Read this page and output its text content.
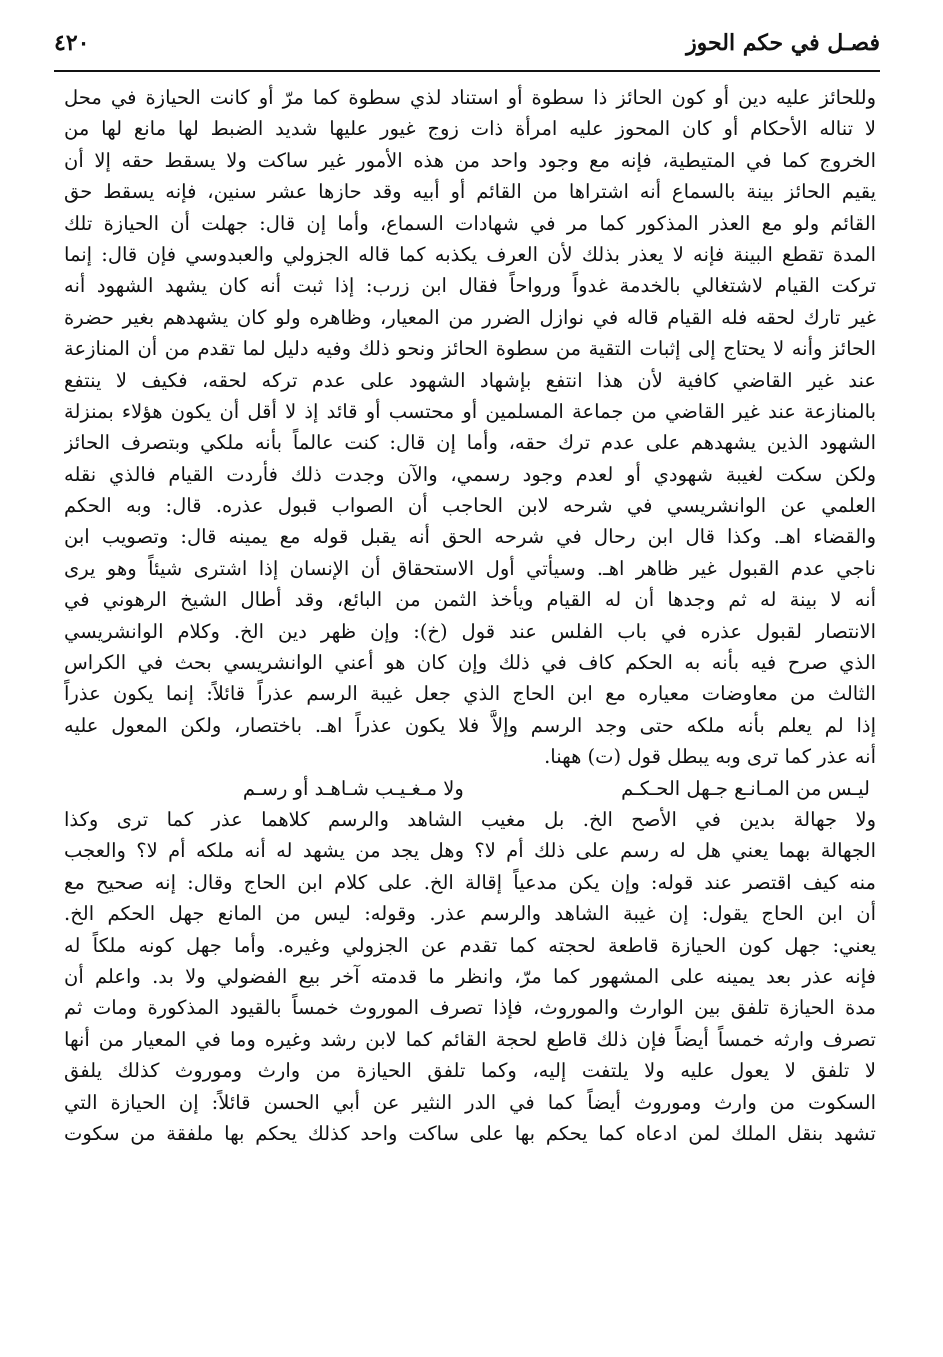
فصـل في حكم الحوز
٤٢٠
وللحائز عليه دين أو كون الحائز ذا سطوة أو استناد لذي سطوة كما مرّ أو كانت الحيازة في محل
لا تناله الأحكام أو كان المحوز عليه امرأة ذات زوج غيور عليها شديد الضبط لها مانع لها من
الخروج كما في المتيطية، فإنه مع وجود واحد من هذه الأمور غير ساكت ولا يسقط حقه إلا أن
يقيم الحائز بينة بالسماع أنه اشتراها من القائم أو أبيه وقد حازها عشر سنين، فإنه يسقط حق
القائم ولو مع العذر المذكور كما مر في شهادات السماع، وأما إن قال: جهلت أن الحيازة تلك
المدة تقطع البينة فإنه لا يعذر بذلك لأن العرف يكذبه كما قاله الجزولي والعبدوسي فإن قال: إنما
تركت القيام لاشتغالي بالخدمة غدواً ورواحاً فقال ابن زرب: إذا ثبت أنه كان يشهد الشهود أنه
غير تارك لحقه فله القيام قاله في نوازل الضرر من المعيار، وظاهره ولو كان يشهدهم بغير حضرة
الحائز وأنه لا يحتاج إلى إثبات التقية من سطوة الحائز ونحو ذلك وفيه دليل لما تقدم من أن المنازعة
عند غير القاضي كافية لأن هذا انتفع بإشهاد الشهود على عدم تركه لحقه، فكيف لا ينتفع
بالمنازعة عند غير القاضي من جماعة المسلمين أو محتسب أو قائد إذ لا أقل أن يكون هؤلاء بمنزلة
الشهود الذين يشهدهم على عدم ترك حقه، وأما إن قال: كنت عالماً بأنه ملكي وبتصرف الحائز
ولكن سكت لغيبة شهودي أو لعدم وجود رسمي، والآن وجدت ذلك فأردت القيام فالذي نقله
العلمي عن الوانشريسي في شرحه لابن الحاجب أن الصواب قبول عذره. قال: وبه الحكم
والقضاء اهـ. وكذا قال ابن رحال في شرحه الحق أنه يقبل قوله مع يمينه قال: وتصويب ابن
ناجي عدم القبول غير ظاهر اهـ. وسيأتي أول الاستحقاق أن الإنسان إذا اشترى شيئاً وهو يرى
أنه لا بينة له ثم وجدها أن له القيام ويأخذ الثمن من البائع، وقد أطال الشيخ الرهوني في
الانتصار لقبول عذره في باب الفلس عند قول (خ): وإن ظهر دين الخ. وكلام الوانشريسي
الذي صرح فيه بأنه به الحكم كاف في ذلك وإن كان هو أعني الوانشريسي بحث في الكراس
الثالث من معاوضات معياره مع ابن الحاج الذي جعل غيبة الرسم عذراً قائلاً: إنما يكون عذراً
إذا لم يعلم بأنه ملكه حتى وجد الرسم وإلاَّ فلا يكون عذراً اهـ. باختصار، ولكن المعول عليه
أنه عذر كما ترى وبه يبطل قول (ت) ههنا.
ليـس من المـانـع جـهل الحـكـم ولا مـغـيـب شـاهـد أو رسـم
ولا جهالة بدين في الأصح الخ. بل مغيب الشاهد والرسم كلاهما عذر كما ترى وكذا
الجهالة بهما يعني هل له رسم على ذلك أم لا؟ وهل يجد من يشهد له أنه ملكه أم لا؟ والعجب
منه كيف اقتصر عند قوله: وإن يكن مدعياً إقالة الخ. على كلام ابن الحاج وقال: إنه صحيح مع
أن ابن الحاج يقول: إن غيبة الشاهد والرسم عذر. وقوله: ليس من المانع جهل الحكم الخ.
يعني: جهل كون الحيازة قاطعة لحجته كما تقدم عن الجزولي وغيره. وأما جهل كونه ملكاً له
فإنه عذر بعد يمينه على المشهور كما مرّ، وانظر ما قدمته آخر بيع الفضولي ولا بد. واعلم أن
مدة الحيازة تلفق بين الوارث والموروث، فإذا تصرف الموروث خمساً بالقيود المذكورة ومات ثم
تصرف وارثه خمساً أيضاً فإن ذلك قاطع لحجة القائم كما لابن رشد وغيره وما في المعيار من أنها
لا تلفق لا يعول عليه ولا يلتفت إليه، وكما تلفق الحيازة من وارث وموروث كذلك يلفق
السكوت من وارث وموروث أيضاً كما في الدر النثير عن أبي الحسن قائلاً: إن الحيازة التي
تشهد بنقل الملك لمن ادعاه كما يحكم بها على ساكت واحد كذلك يحكم بها ملفقة من سكوت
